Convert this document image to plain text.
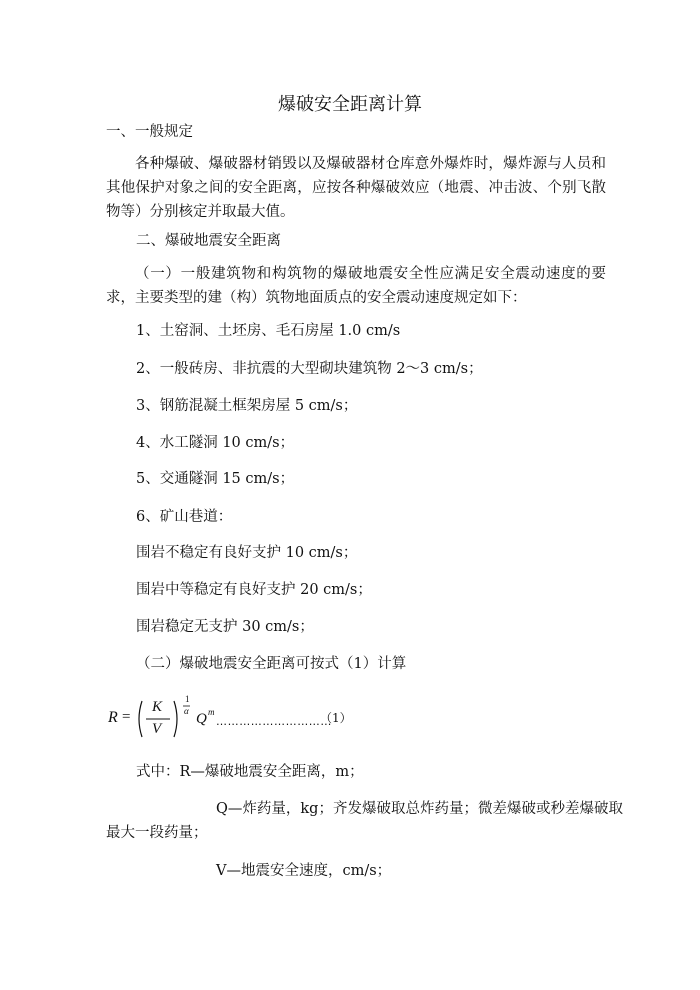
爆破安全距离计算
一、一般规定
各种爆破、爆破器材销毁以及爆破器材仓库意外爆炸时，爆炸源与人员和其他保护对象之间的安全距离，应按各种爆破效应（地震、冲击波、个别飞散物等）分别核定并取最大值。
二、爆破地震安全距离
（一）一般建筑物和构筑物的爆破地震安全性应满足安全震动速度的要求，主要类型的建（构）筑物地面质点的安全震动速度规定如下：
1、土窑洞、土坯房、毛石房屋 1.0 cm/s
2、一般砖房、非抗震的大型砌块建筑物 2～3 cm/s；
3、钢筋混凝土框架房屋 5 cm/s；
4、水工隧洞 10 cm/s；
5、交通隧洞 15 cm/s；
6、矿山巷道：
围岩不稳定有良好支护 10 cm/s；
围岩中等稳定有良好支护 20 cm/s；
围岩稳定无支护 30 cm/s；
（二）爆破地震安全距离可按式（1）计算
R =
K
V
1
α Q m
…………………………
（1）
式中：R—爆破地震安全距离，m；
Q—炸药量，kg；齐发爆破取总炸药量；微差爆破或秒差爆破取
最大一段药量；
V—地震安全速度，cm/s；
